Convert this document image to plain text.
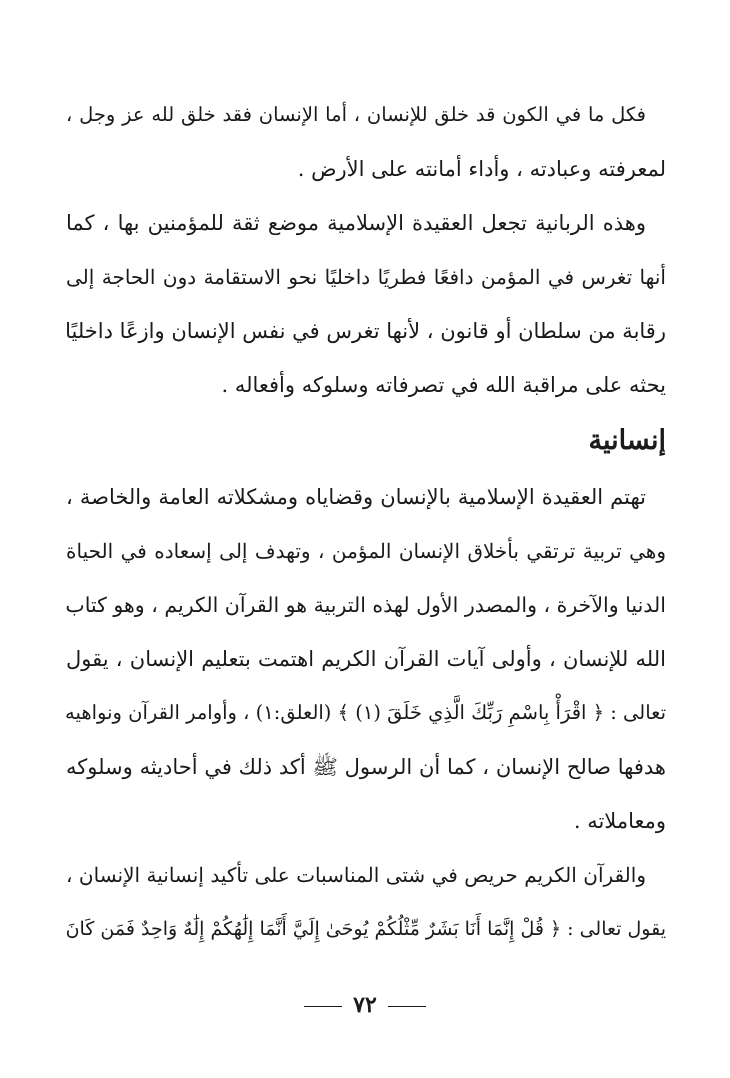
فكل ما في الكون قد خلق للإنسان ، أما الإنسان فقد خلق لله عز وجل ،
لمعرفته وعبادته ، وأداء أمانته على الأرض .
وهذه الربانية تجعل العقيدة الإسلامية موضع ثقة للمؤمنين بها ، كما
أنها تغرس في المؤمن دافعًا فطريًا داخليًا نحو الاستقامة دون الحاجة إلى
رقابة من سلطان أو قانون ، لأنها تغرس في نفس الإنسان وازعًا داخليًا
يحثه على مراقبة الله في تصرفاته وسلوكه وأفعاله .
إنسانية
تهتم العقيدة الإسلامية بالإنسان وقضاياه ومشكلاته العامة والخاصة ،
وهي تربية ترتقي بأخلاق الإنسان المؤمن ، وتهدف إلى إسعاده في الحياة
الدنيا والآخرة ، والمصدر الأول لهذه التربية هو القرآن الكريم ، وهو كتاب
الله للإنسان ، وأولى آيات القرآن الكريم اهتمت بتعليم الإنسان ، يقول
تعالى : ﴿ اقْرَأْ بِاسْمِ رَبِّكَ الَّذِي خَلَقَ (١) ﴾ (العلق:١) ، وأوامر القرآن ونواهيه
هدفها صالح الإنسان ، كما أن الرسول ﷺ أكد ذلك في أحاديثه وسلوكه
ومعاملاته .
والقرآن الكريم حريص في شتى المناسبات على تأكيد إنسانية الإنسان ،
يقول تعالى : ﴿ قُلْ إِنَّمَا أَنَا بَشَرٌ مِّثْلُكُمْ يُوحَىٰ إِلَيَّ أَنَّمَا إِلَٰهُكُمْ إِلَٰهٌ وَاحِدٌ فَمَن كَانَ
٧٢
